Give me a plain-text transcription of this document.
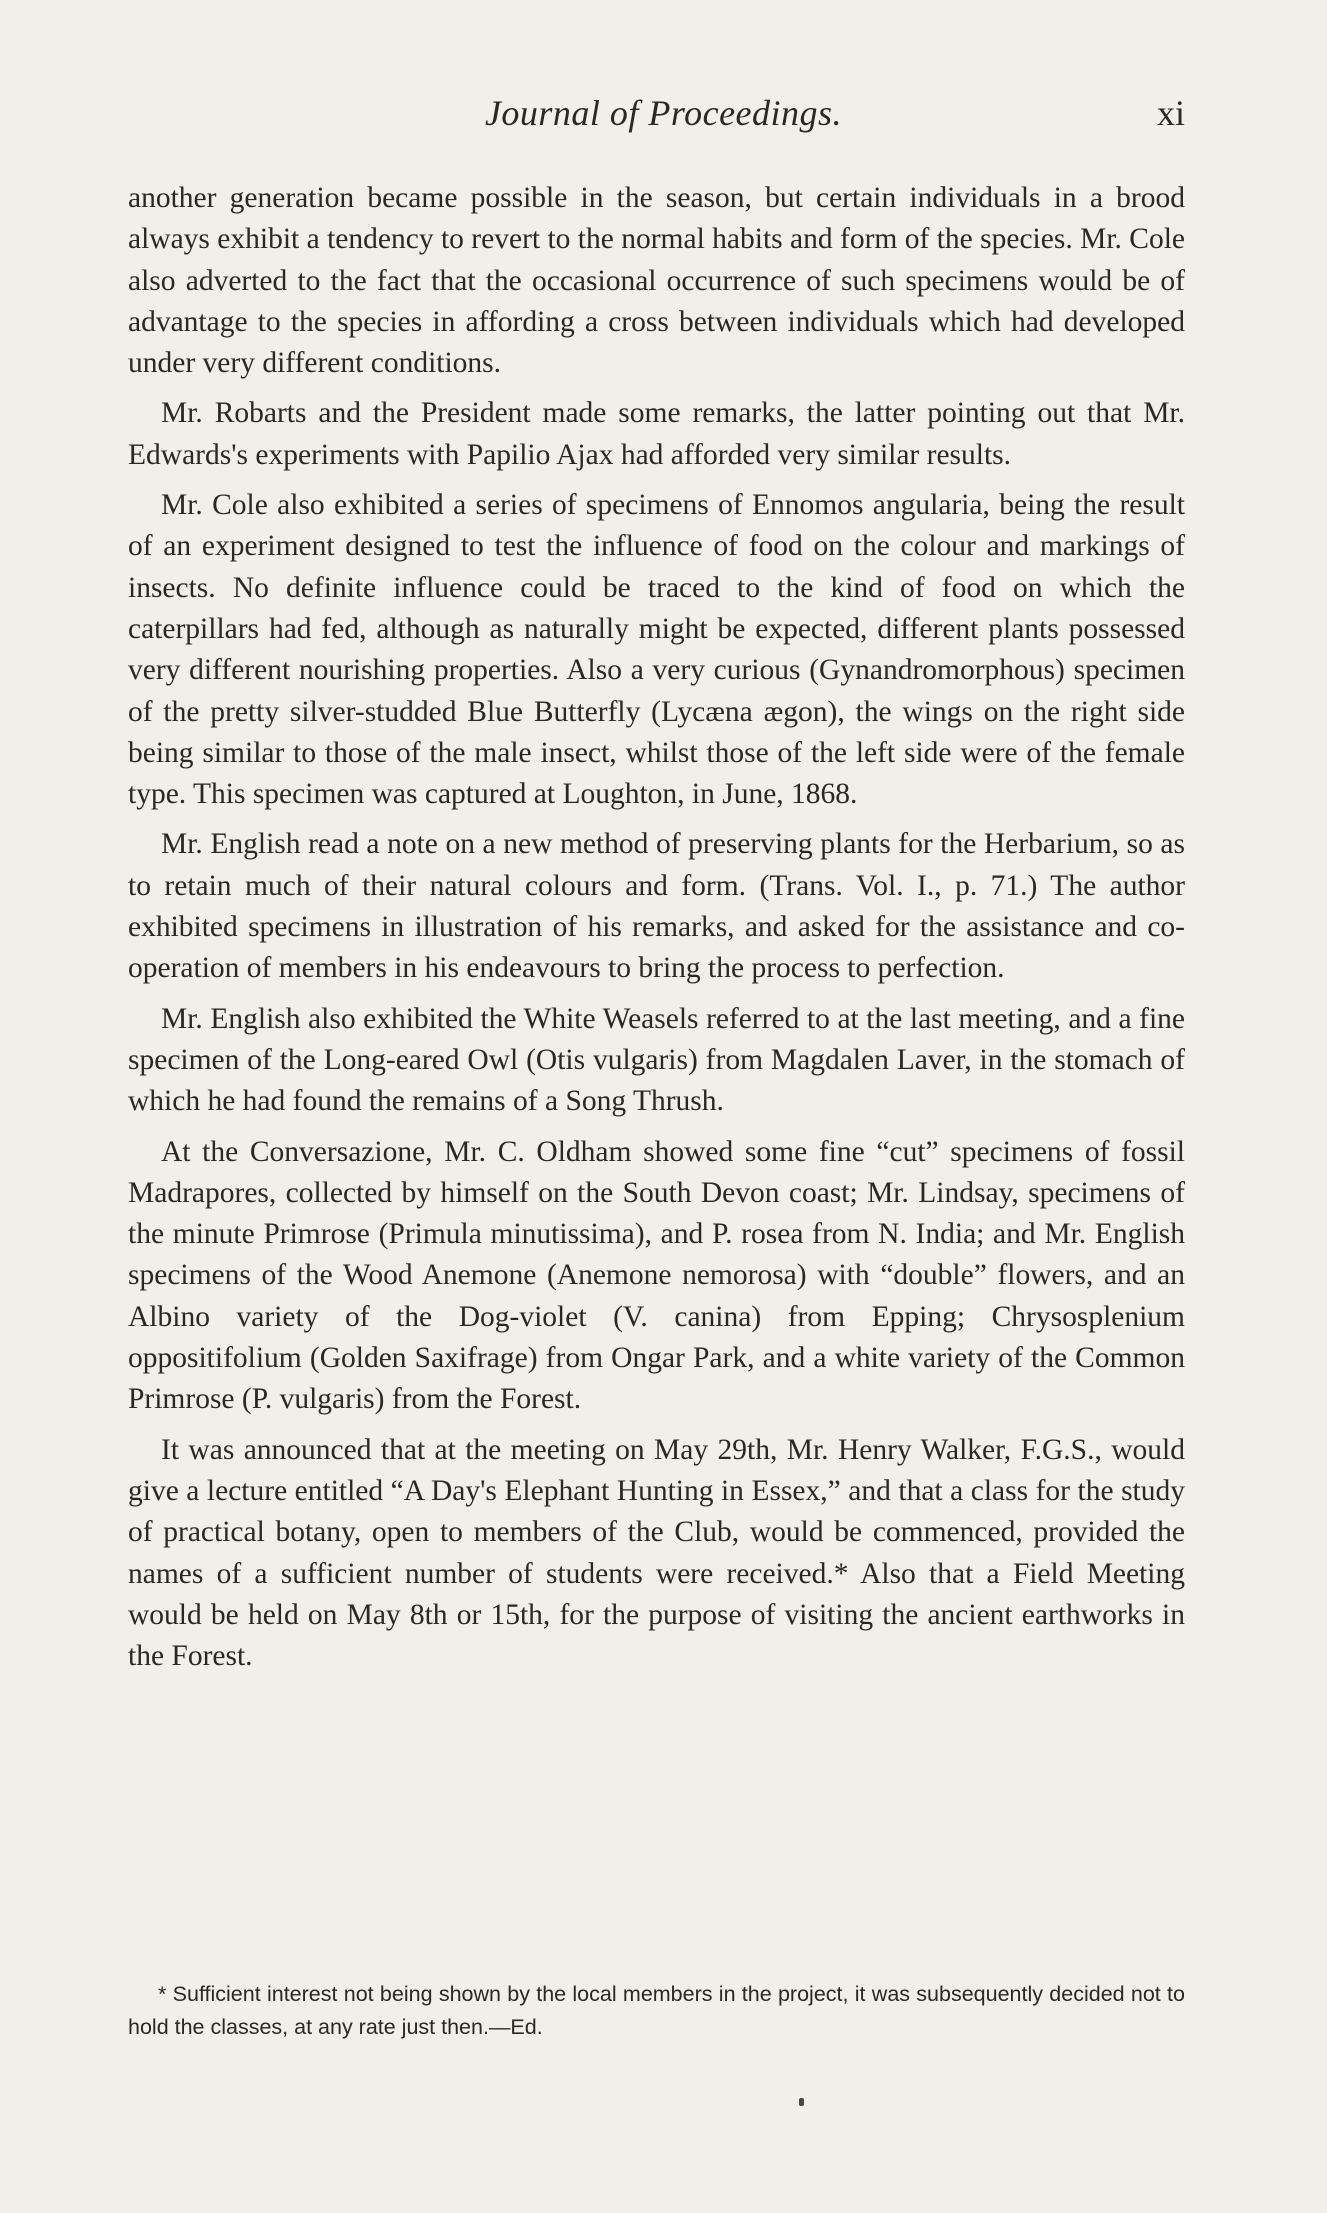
Journal of Proceedings.	xi

another generation became possible in the season, but certain individuals in a brood always exhibit a tendency to revert to the normal habits and form of the species. Mr. Cole also adverted to the fact that the occasional occurrence of such specimens would be of advantage to the species in affording a cross between individuals which had developed under very different conditions.

Mr. Robarts and the President made some remarks, the latter pointing out that Mr. Edwards's experiments with Papilio Ajax had afforded very similar results.

Mr. Cole also exhibited a series of specimens of Ennomos angularia, being the result of an experiment designed to test the influence of food on the colour and markings of insects. No definite influence could be traced to the kind of food on which the caterpillars had fed, although as naturally might be expected, different plants possessed very different nourishing properties. Also a very curious (Gynandromorphous) specimen of the pretty silver-studded Blue Butterfly (Lycæna ægon), the wings on the right side being similar to those of the male insect, whilst those of the left side were of the female type. This specimen was captured at Loughton, in June, 1868.

Mr. English read a note on a new method of preserving plants for the Herbarium, so as to retain much of their natural colours and form. (Trans. Vol. I., p. 71.) The author exhibited specimens in illustration of his remarks, and asked for the assistance and co-operation of members in his endeavours to bring the process to perfection.

Mr. English also exhibited the White Weasels referred to at the last meeting, and a fine specimen of the Long-eared Owl (Otis vulgaris) from Magdalen Laver, in the stomach of which he had found the remains of a Song Thrush.

At the Conversazione, Mr. C. Oldham showed some fine “cut” specimens of fossil Madrapores, collected by himself on the South Devon coast; Mr. Lindsay, specimens of the minute Primrose (Primula minutissima), and P. rosea from N. India; and Mr. English specimens of the Wood Anemone (Anemone nemorosa) with “double” flowers, and an Albino variety of the Dog-violet (V. canina) from Epping; Chrysosplenium oppositifolium (Golden Saxifrage) from Ongar Park, and a white variety of the Common Primrose (P. vulgaris) from the Forest.

It was announced that at the meeting on May 29th, Mr. Henry Walker, F.G.S., would give a lecture entitled “A Day's Elephant Hunting in Essex,” and that a class for the study of practical botany, open to members of the Club, would be commenced, provided the names of a sufficient number of students were received.* Also that a Field Meeting would be held on May 8th or 15th, for the purpose of visiting the ancient earthworks in the Forest.

* Sufficient interest not being shown by the local members in the project, it was subsequently decided not to hold the classes, at any rate just then.—Ed.
